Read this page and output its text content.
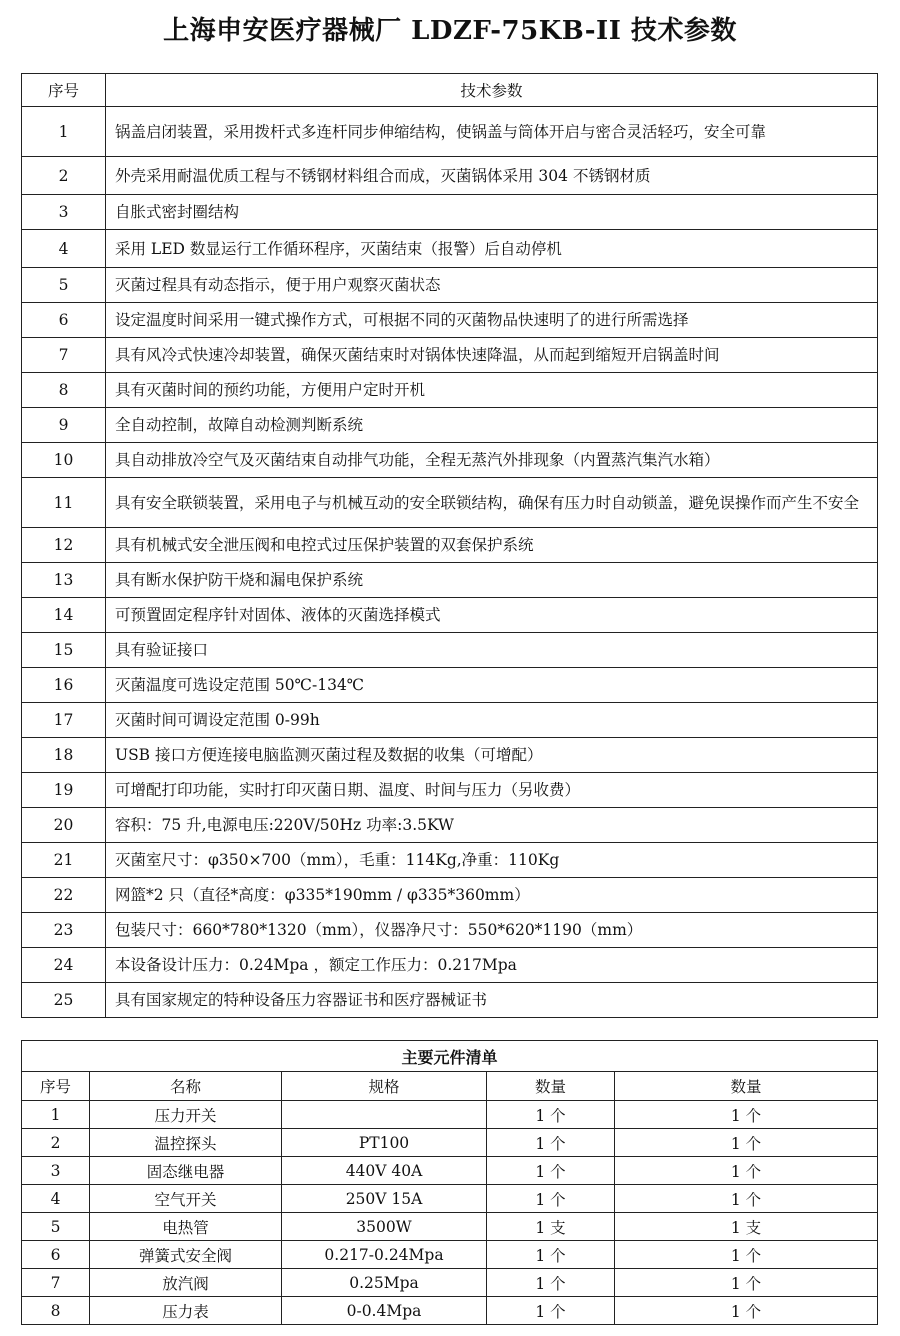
上海申安医疗器械厂 LDZF-75KB-II 技术参数
序号	技术参数
1	锅盖启闭装置，采用拨杆式多连杆同步伸缩结构，使锅盖与筒体开启与密合灵活轻巧，安全可靠
2	外壳采用耐温优质工程与不锈钢材料组合而成，灭菌锅体采用 304 不锈钢材质
3	自胀式密封圈结构
4	采用 LED 数显运行工作循环程序，灭菌结束（报警）后自动停机
5	灭菌过程具有动态指示，便于用户观察灭菌状态
6	设定温度时间采用一键式操作方式，可根据不同的灭菌物品快速明了的进行所需选择
7	具有风冷式快速冷却装置，确保灭菌结束时对锅体快速降温，从而起到缩短开启锅盖时间
8	具有灭菌时间的预约功能，方便用户定时开机
9	全自动控制，故障自动检测判断系统
10	具自动排放冷空气及灭菌结束自动排气功能，全程无蒸汽外排现象（内置蒸汽集汽水箱）
11	具有安全联锁装置，采用电子与机械互动的安全联锁结构，确保有压力时自动锁盖，避免误操作而产生不安全
12	具有机械式安全泄压阀和电控式过压保护装置的双套保护系统
13	具有断水保护防干烧和漏电保护系统
14	可预置固定程序针对固体、液体的灭菌选择模式
15	具有验证接口
16	灭菌温度可选设定范围 50℃-134℃
17	灭菌时间可调设定范围 0-99h
18	USB 接口方便连接电脑监测灭菌过程及数据的收集（可增配）
19	可增配打印功能，实时打印灭菌日期、温度、时间与压力（另收费）
20	容积：75 升,电源电压:220V/50Hz 功率:3.5KW
21	灭菌室尺寸：φ350×700（mm），毛重：114Kg,净重：110Kg
22	网篮*2 只（直径*高度：φ335*190mm / φ335*360mm）
23	包装尺寸：660*780*1320（mm），仪器净尺寸：550*620*1190（mm）
24	本设备设计压力：0.24Mpa ，额定工作压力：0.217Mpa
25	具有国家规定的特种设备压力容器证书和医疗器械证书
主要元件清单				
序号	名称	规格	数量	数量
1	压力开关		1 个	1 个
2	温控探头	PT100	1 个	1 个
3	固态继电器	440V 40A	1 个	1 个
4	空气开关	250V 15A	1 个	1 个
5	电热管	3500W	1 支	1 支
6	弹簧式安全阀	0.217-0.24Mpa	1 个	1 个
7	放汽阀	0.25Mpa	1 个	1 个
8	压力表	0-0.4Mpa	1 个	1 个
